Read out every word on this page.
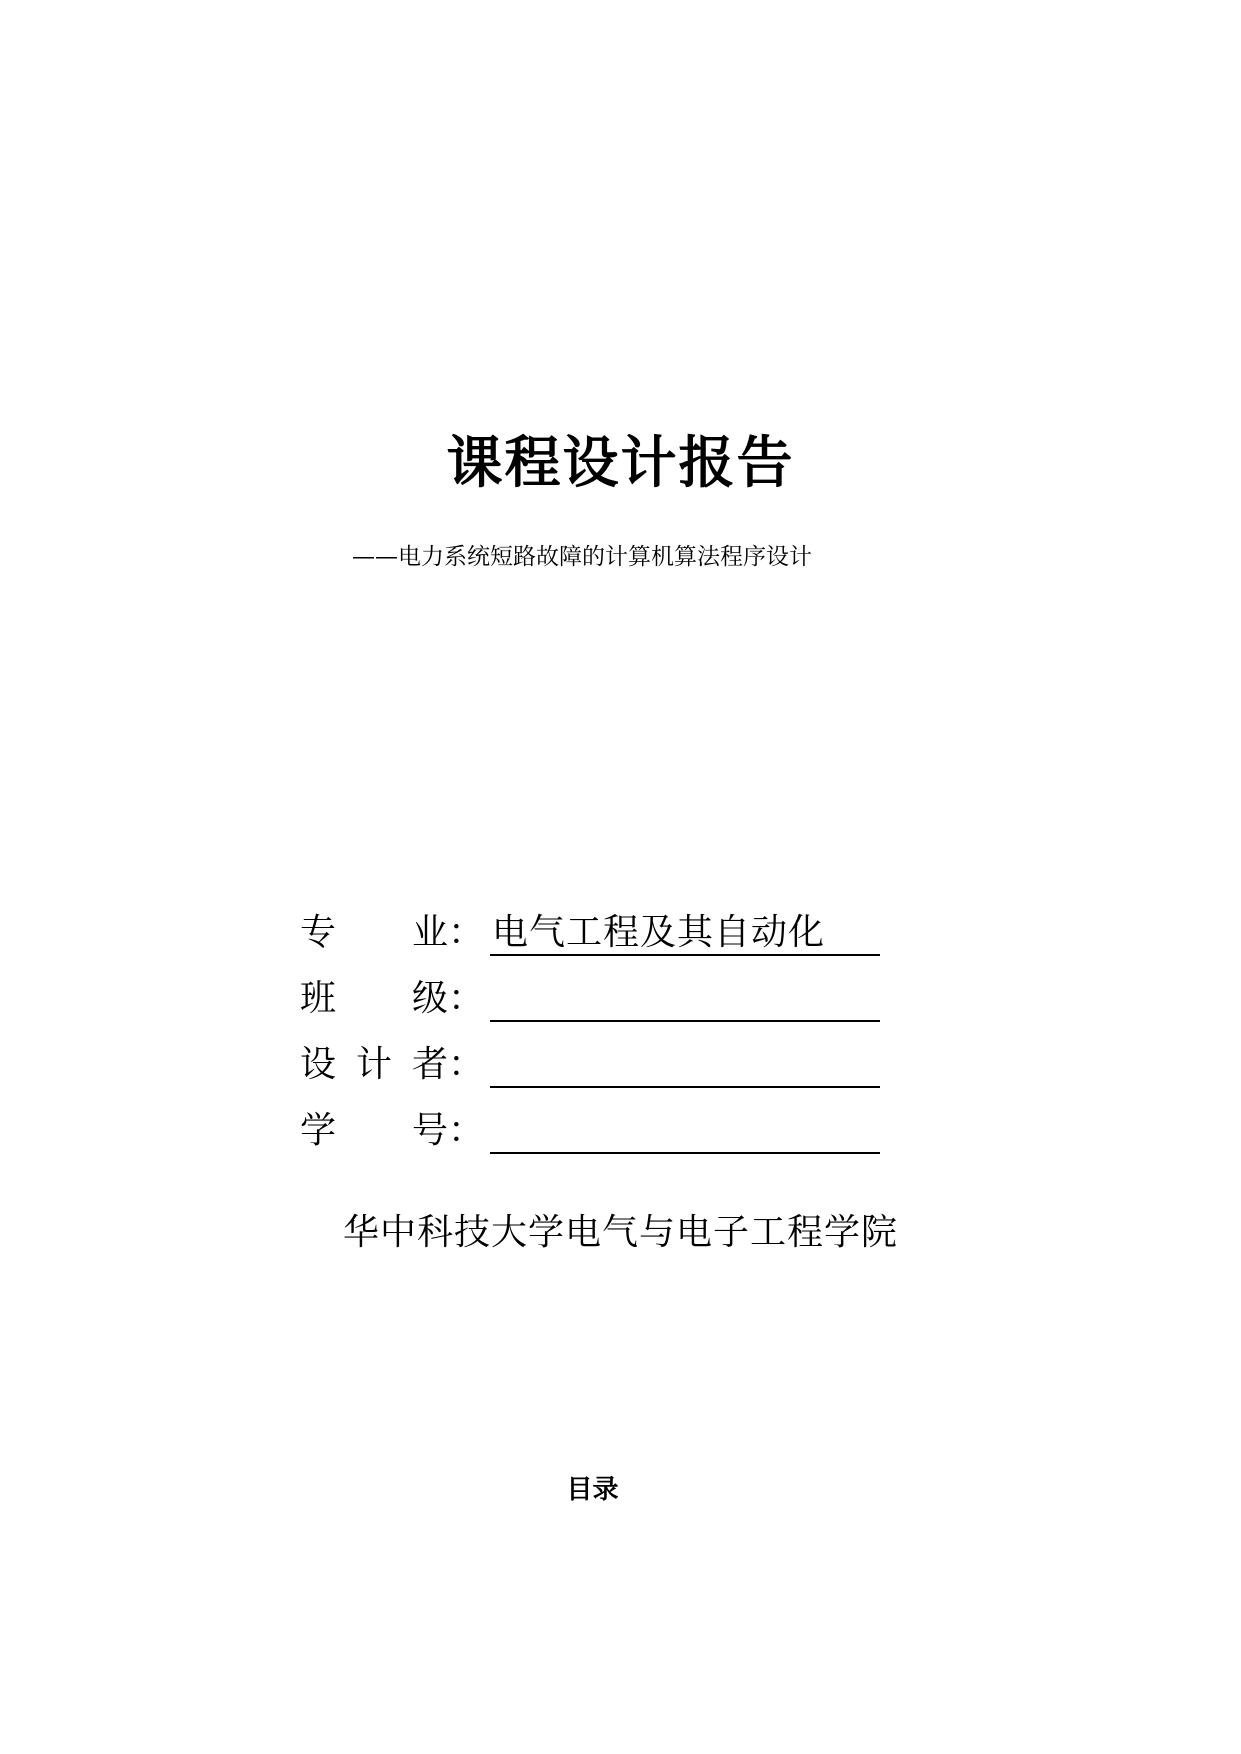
课程设计报告
——电力系统短路故障的计算机算法程序设计
专 业 ： 电气工程及其自动化
班 级 ：
设 计 者 ：
学 号 ：
华中科技大学电气与电子工程学院
目录
